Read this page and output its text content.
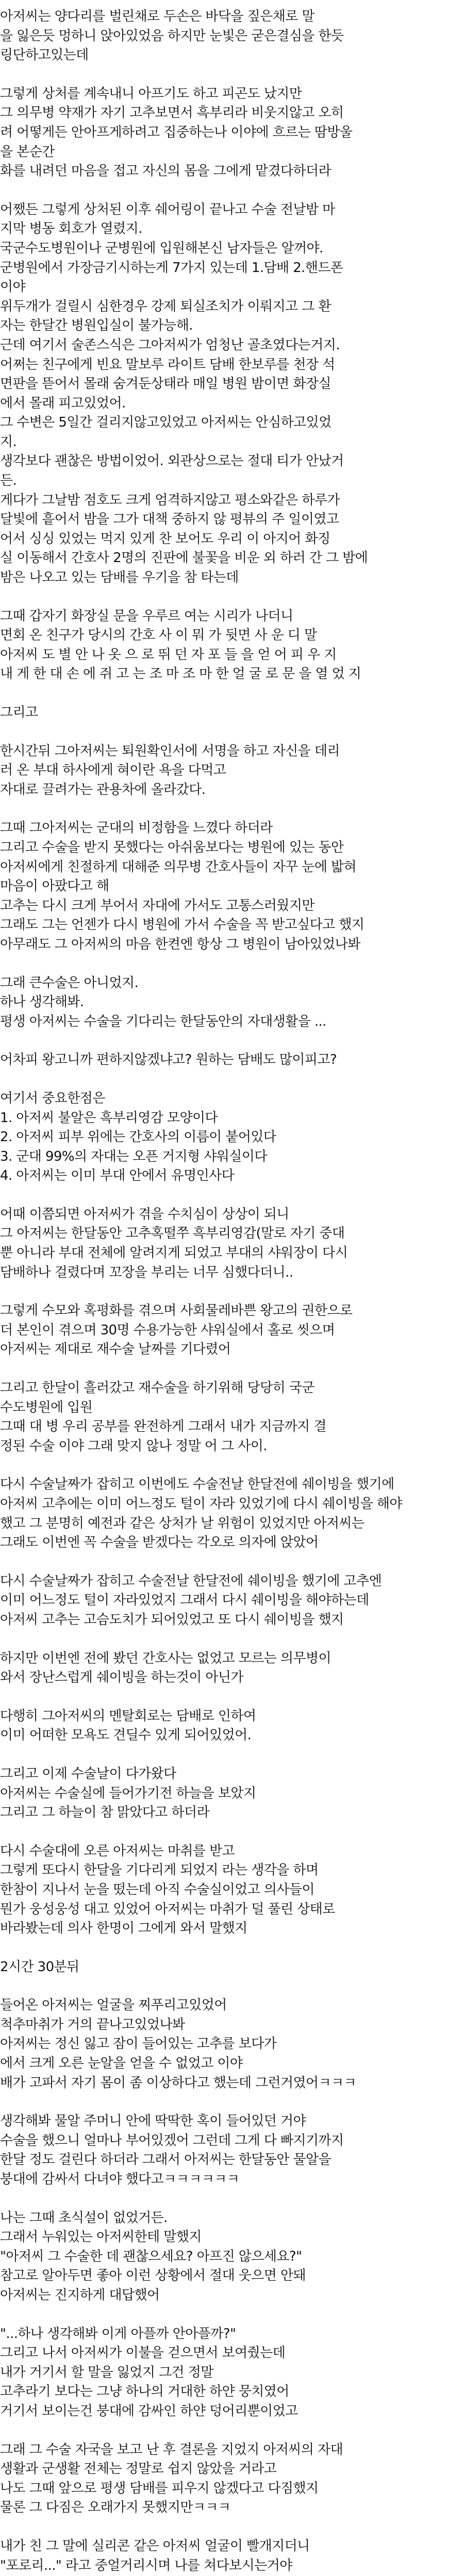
아저씨는 양다리를 벌린채로 두손은 바닥을 짚은채로 말
을 잃은듯 멍하니 앉아있었음 하지만 눈빛은 굳은결심을 한듯
링단하고있는데
그렇게 상처를 계속내니 아프기도 하고 피곤도 났지만
그 의무병 약재가 자기 고추보면서 흑부리라 비웃지않고 오히
려 어떻게든 안아프게하려고 집중하는나 이야에 흐르는 땀방울
을 본순간
화를 내려던 마음을 접고 자신의 몸을 그에게 맡겼다하더라
어쨌든 그렇게 상처된 이후 쉐어링이 끝나고 수술 전날밤 마
지막 병동 회호가 열렸지.
국군수도병원이나 군병원에 입원해본신 남자들은 알꺼야.
군병원에서 가장금기시하는게 7가지 있는데 1.담배 2.핸드폰
이야
위두개가 걸릴시 심한경우 강제 퇴실조치가 이뤄지고 그 환
자는 한달간 병원입실이 불가능해.
근데 여기서 술존스식은 그아저씨가 엄청난 골초였다는거지.
어쩌는 친구에게 빈요 말보루 라이트 담배 한보루를 천장 석
면판을 뜯어서 몰래 숨겨둔상태라 매일 병원 밤이면 화장실
에서 몰래 피고있었어.
그 수변은 5일간 걸리지않고있었고 아저씨는 안심하고있었
지.
생각보다 괜찮은 방법이었어. 외관상으로는 절대 티가 안났거
든.
게다가 그날밤 점호도 크게 엄격하지않고 평소와같은 하루가
달빛에 흩어서 밤을 그가 대책 중하지 않 평뷰의 주 일이였고
어서 싱싱 있었는 먹지 있게 찬 보어도 우리 이 아지어 화징
실 이동해서 간호사 2명의 진판에 불꽃을 비운 외 하러 간 그 밤에
밤은 나오고 있는 담배를 우기을 참 타는데
그때 갑자기 화장실 문을 우루르 여는 시리가 나더니
면회 온 친구가 당시의 간호 사 이 뭐 가 뒷면 사 운 디 말
아저씨 도 별 안 나 옷 으 로 뛰 던 자 포 들 을 얻 어 피 우 지
내 게 한 대 손 에 쥐 고 는 조 마 조 마 한 얼 굴 로 문 을 열 었 지
그리고
한시간뒤 그아저씨는 퇴원확인서에 서명을 하고 자신을 데리
러 온 부대 하사에게 혀이란 욕을 다먹고
자대로 끌려가는 관용차에 올라갔다.
그때 그아저씨는 군대의 비정함을 느꼈다 하더라
그리고 수술을 받지 못했다는 아쉬움보다는 병원에 있는 동안
아저씨에게 친절하게 대해준 의무병 간호사들이 자꾸 눈에 밟혀
마음이 아팠다고 해
고추는 다시 크게 부어서 자대에 가서도 고통스러웠지만
그래도 그는 언젠가 다시 병원에 가서 수술을 꼭 받고싶다고 했지
아무래도 그 아저씨의 마음 한켠엔 항상 그 병원이 남아있었나봐
그래 큰수술은 아니었지.
하나 생각해봐.
평생 아저씨는 수술을 기다리는 한달동안의 자대생활을 ...
어차피 왕고니까 편하지않겠냐고? 원하는 담배도 많이피고?
여기서 중요한점은
1. 아저씨 불알은 흑부리영감 모양이다
2. 아저씨 피부 위에는 간호사의 이름이 붙어있다
3. 군대 99%의 자대는 오픈 거지형 샤워실이다
4. 아저씨는 이미 부대 안에서 유명인사다
어때 이쯤되면 아저씨가 겪을 수치심이 상상이 되니
그 아저씨는 한달동안 고추혹떨쭈 흑부리영감(말로 자기 중대
뿐 아니라 부대 전체에 알려지게 되었고 부대의 샤워장이 다시
담배하나 걸렸다며 꼬장을 부리는 너무 심했다더니..
그렇게 수모와 혹평화를 겪으며 사회물레바쁜 왕고의 권한으로
더 본인이 겪으며 30명 수용가능한 샤워실에서 홀로 씻으며
아저씨는 제대로 재수술 날짜를 기다렸어
그리고 한달이 흘러갔고 재수술을 하기위해 당당히 국군
수도병원에 입원
그때 대 병 우리 공부를 완전하게 그래서 내가 지금까지 결
정된 수술 이야 그래 맞지 않나 정말 어 그 사이.
다시 수술날짜가 잡히고 이번에도 수술전날 한달전에 쉐이빙을 했기에
아저씨 고추에는 이미 어느정도 털이 자라 있었기에 다시 쉐이빙을 해야
했고 그 분명히 예전과 같은 상처가 날 위험이 있었지만 아저씨는
그래도 이번엔 꼭 수술을 받겠다는 각오로 의자에 앉았어
다시 수술날짜가 잡히고 수술전날 한달전에 쉐이빙을 했기에 고추엔
이미 어느정도 털이 자라있었지 그래서 다시 쉐이빙을 해야하는데
아저씨 고추는 고슴도치가 되어있었고 또 다시 쉐이빙을 했지
하지만 이번엔 전에 봤던 간호사는 없었고 모르는 의무병이
와서 장난스럽게 쉐이빙을 하는것이 아닌가
다행히 그아저씨의 멘탈회로는 담배로 인하여
이미 어떠한 모욕도 견딜수 있게 되어있었어.
그리고 이제 수술날이 다가왔다
아저씨는 수술실에 들어가기전 하늘을 보았지
그리고 그 하늘이 참 맑았다고 하더라
다시 수술대에 오른 아저씨는 마취를 받고
그렇게 또다시 한달을 기다리게 되었지 라는 생각을 하며
한참이 지나서 눈을 떴는데 아직 수술실이었고 의사들이
뭔가 웅성웅성 대고 있었어 아저씨는 마취가 덜 풀린 상태로
바라봤는데 의사 한명이 그에게 와서 말했지
2시간 30분뒤
들어온 아저씨는 얼굴을 찌푸리고있었어
척추마취가 거의 끝나고있었나봐
아저씨는 정신 잃고 잠이 들어있는 고추를 보다가
에서 크게 오른 눈알을 얻을 수 없었고 이야
배가 고파서 자기 몸이 좀 이상하다고 했는데 그런거였어ㅋㅋㅋ
생각해봐 물알 주머니 안에 딱딱한 혹이 들어있던 거야
수술을 했으니 얼마나 부어있겠어 그런데 그게 다 빠지기까지
한달 정도 걸린다 하더라 그래서 아저씨는 한달동안 물알을
붕대에 감싸서 다녀야 했다고ㅋㅋㅋㅋㅋㅋ
나는 그때 초식설이 없었거든.
그래서 누워있는 아저씨한테 말했지
"아저씨 그 수술한 데 괜찮으세요? 아프진 않으세요?"
참고로 알아두면 좋아 이런 상황에서 절대 웃으면 안돼
아저씨는 진지하게 대답했어
"...하나 생각해봐 이게 아플까 안아플까?"
그리고 나서 아저씨가 이불을 걷으면서 보여줬는데
내가 거기서 할 말을 잃었지 그건 정말
고추라기 보다는 그냥 하나의 거대한 하얀 뭉치였어
거기서 보이는건 붕대에 감싸인 하얀 덩어리뿐이었고
그래 그 수술 자국을 보고 난 후 결론을 지었지 아저씨의 자대
생활과 군생활 전체는 정말로 쉽지 않았을 거라고
나도 그때 앞으로 평생 담배를 피우지 않겠다고 다짐했지
물론 그 다짐은 오래가지 못했지만ㅋㅋㅋ
내가 친 그 말에 실리콘 같은 아저씨 얼굴이 빨개지더니
"포로리..." 라고 중얼거리시며 나를 쳐다보시는거야
